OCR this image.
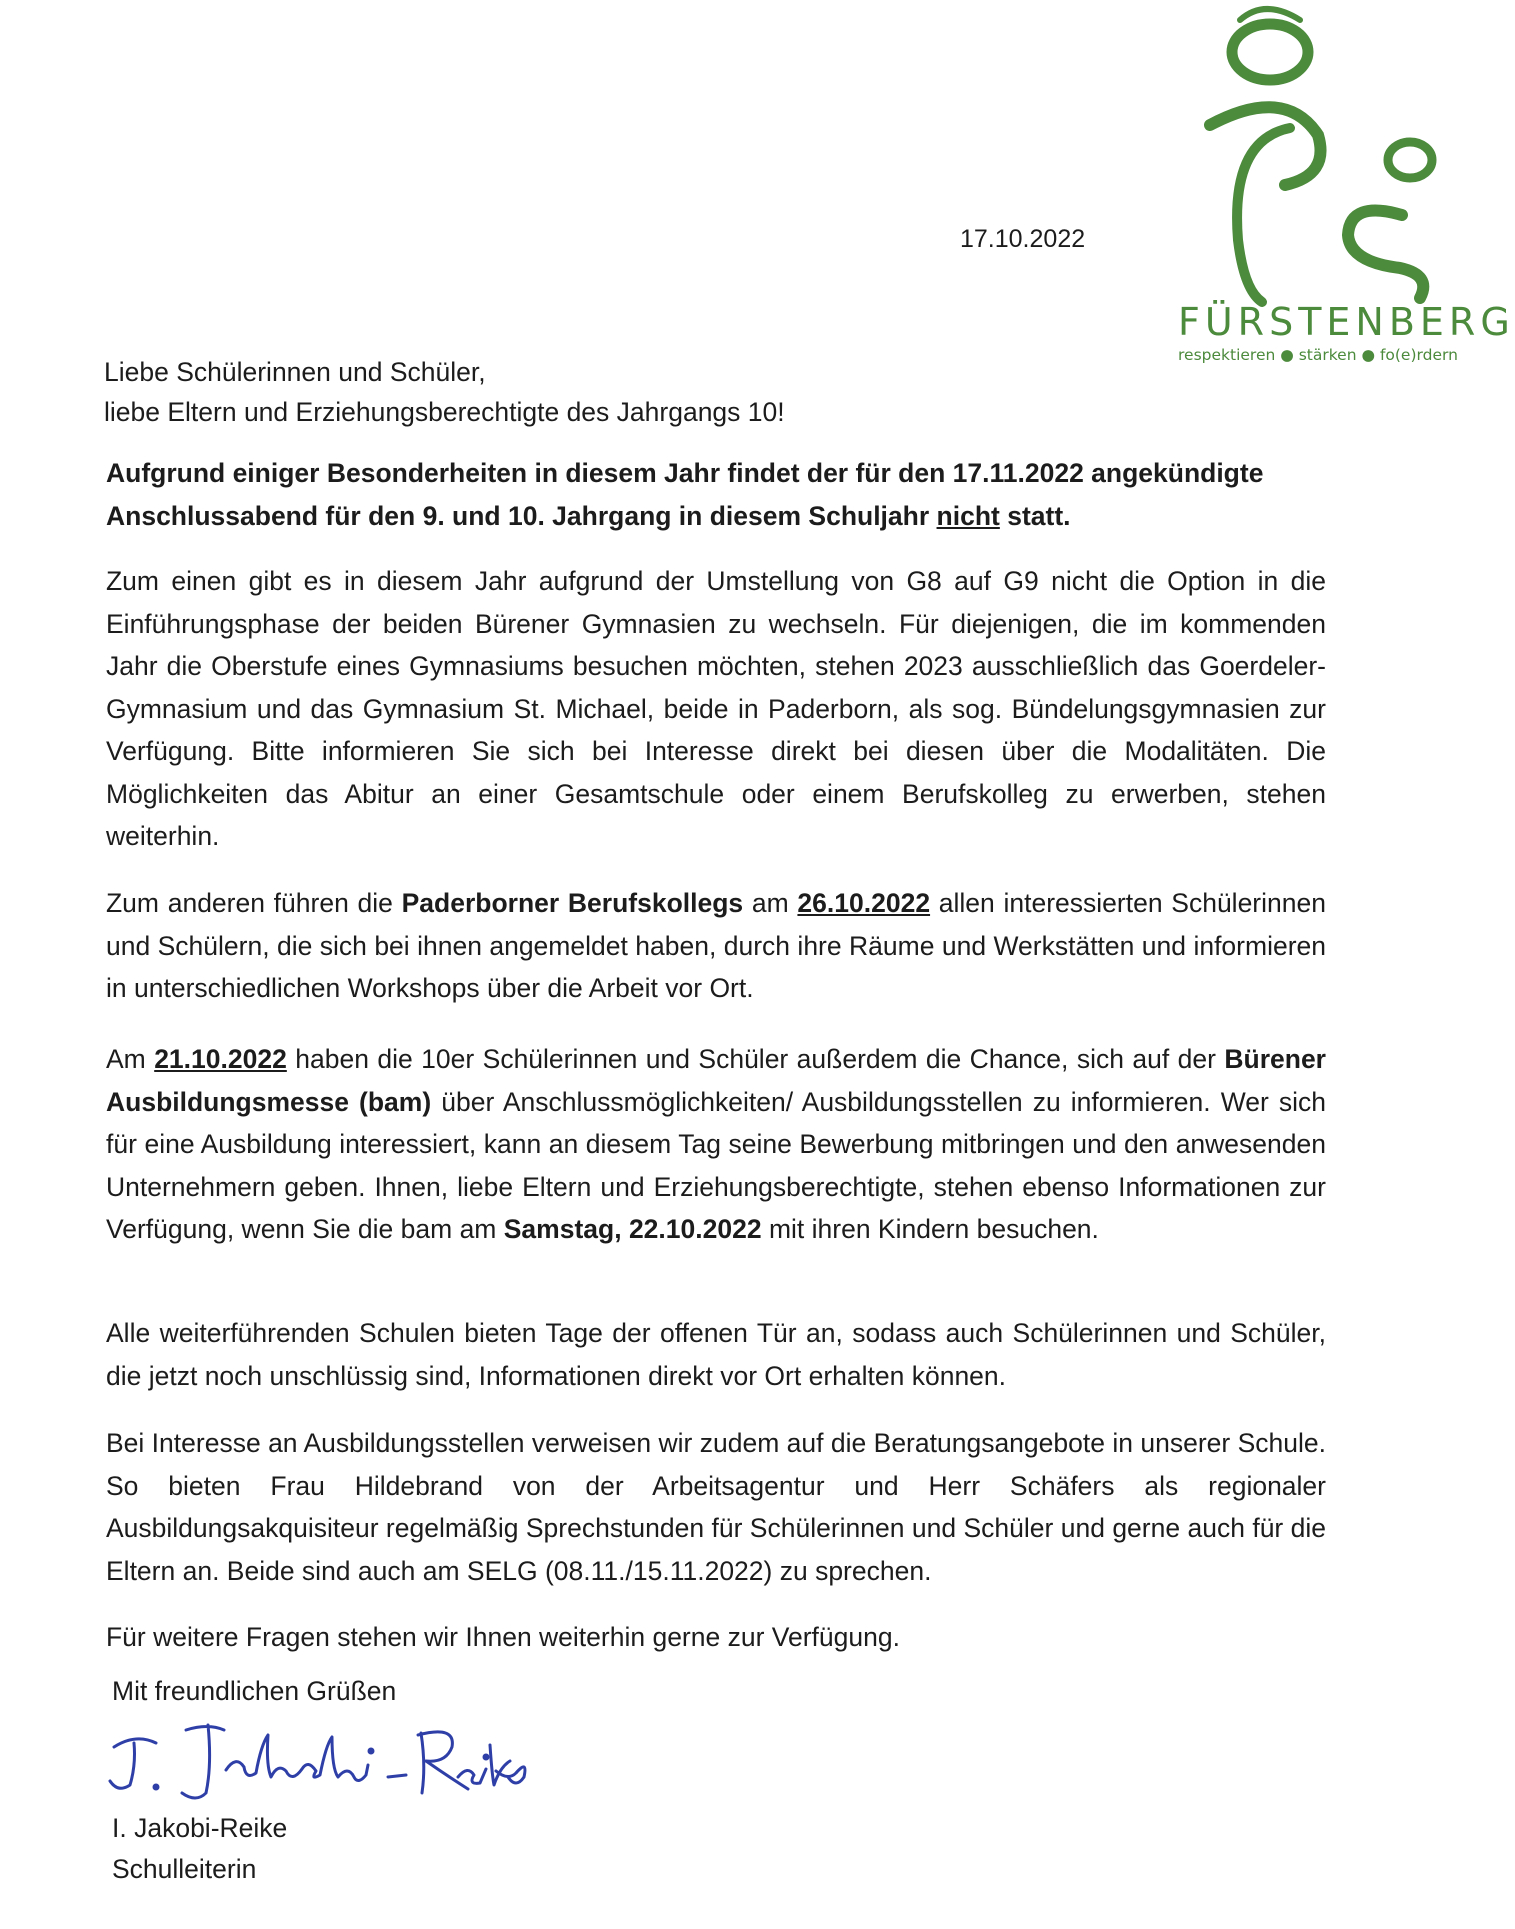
FÜRSTENBERG
respektieren ● stärken ● fo(e)rdern
17.10.2022
Liebe Schülerinnen und Schüler,
liebe Eltern und Erziehungsberechtigte des Jahrgangs 10!
Aufgrund einiger Besonderheiten in diesem Jahr findet der für den 17.11.2022 angekündigte Anschlussabend für den 9. und 10. Jahrgang in diesem Schuljahr nicht statt.
Zum einen gibt es in diesem Jahr aufgrund der Umstellung von G8 auf G9 nicht die Option in die Einführungsphase der beiden Bürener Gymnasien zu wechseln. Für diejenigen, die im kommenden Jahr die Oberstufe eines Gymnasiums besuchen möchten, stehen 2023 ausschließlich das Goerdeler-Gymnasium und das Gymnasium St. Michael, beide in Paderborn, als sog. Bündelungsgymnasien zur Verfügung. Bitte informieren Sie sich bei Interesse direkt bei diesen über die Modalitäten. Die Möglichkeiten das Abitur an einer Gesamtschule oder einem Berufskolleg zu erwerben, stehen weiterhin.
Zum anderen führen die Paderborner Berufskollegs am 26.10.2022 allen interessierten Schülerinnen und Schülern, die sich bei ihnen angemeldet haben, durch ihre Räume und Werkstätten und informieren in unterschiedlichen Workshops über die Arbeit vor Ort.
Am 21.10.2022 haben die 10er Schülerinnen und Schüler außerdem die Chance, sich auf der Bürener Ausbildungsmesse (bam) über Anschlussmöglichkeiten/ Ausbildungsstellen zu informieren. Wer sich für eine Ausbildung interessiert, kann an diesem Tag seine Bewerbung mitbringen und den anwesenden Unternehmern geben. Ihnen, liebe Eltern und Erziehungsberechtigte, stehen ebenso Informationen zur Verfügung, wenn Sie die bam am Samstag, 22.10.2022 mit ihren Kindern besuchen.
Alle weiterführenden Schulen bieten Tage der offenen Tür an, sodass auch Schülerinnen und Schüler, die jetzt noch unschlüssig sind, Informationen direkt vor Ort erhalten können.
Bei Interesse an Ausbildungsstellen verweisen wir zudem auf die Beratungsangebote in unserer Schule. So bieten Frau Hildebrand von der Arbeitsagentur und Herr Schäfers als regionaler Ausbildungsakquisiteur regelmäßig Sprechstunden für Schülerinnen und Schüler und gerne auch für die Eltern an. Beide sind auch am SELG (08.11./15.11.2022) zu sprechen.
Für weitere Fragen stehen wir Ihnen weiterhin gerne zur Verfügung.
Mit freundlichen Grüßen
I. Jakobi-Reike
Schulleiterin
